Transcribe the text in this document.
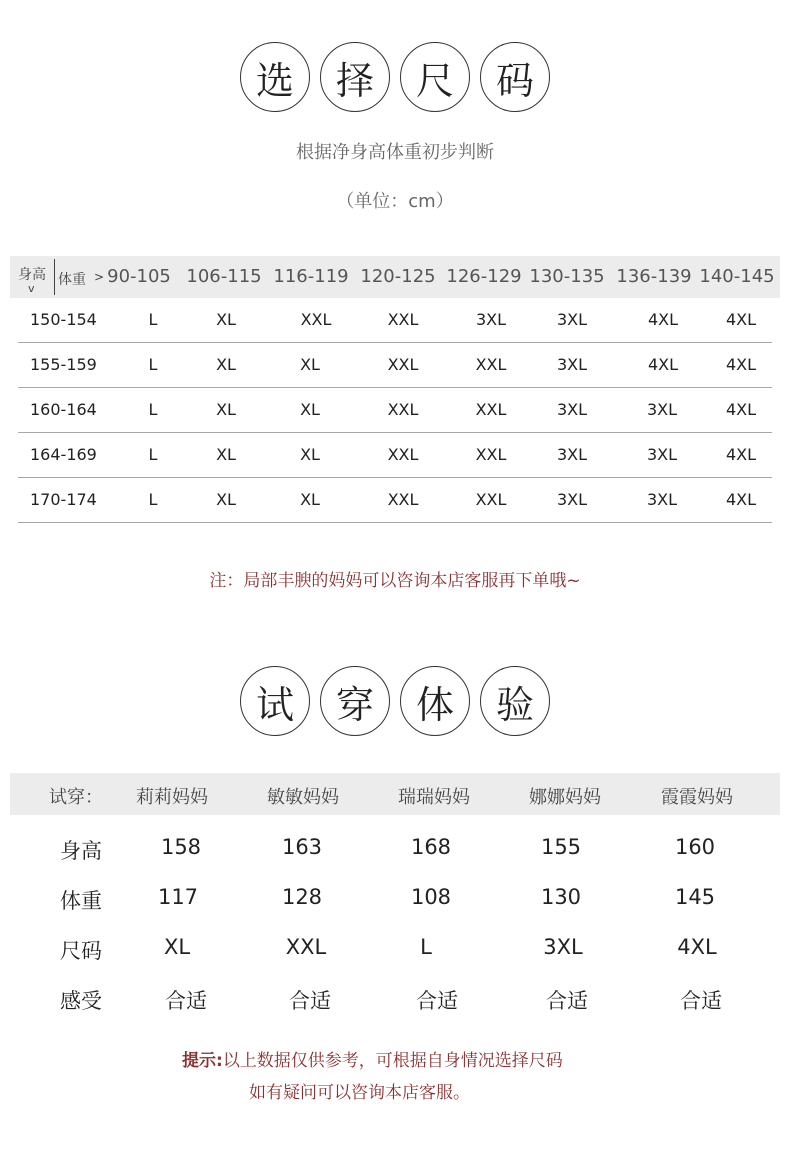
选	择	尺	码
根据净身高体重初步判断
（单位：cm）
身高
v
体重 > 90-105 106-115 116-119 120-125 126-129 130-135 136-139 140-145
150-154	L	XL	XXL	XXL	3XL	3XL	4XL	4XL
155-159	L	XL	XL	XXL	XXL	3XL	4XL	4XL
160-164	L	XL	XL	XXL	XXL	3XL	3XL	4XL
164-169	L	XL	XL	XXL	XXL	3XL	3XL	4XL
170-174	L	XL	XL	XXL	XXL	3XL	3XL	4XL
注：局部丰腴的妈妈可以咨询本店客服再下单哦~
试	穿	体	验
试穿： 莉莉妈妈	敏敏妈妈	瑞瑞妈妈	娜娜妈妈	霞霞妈妈
身高	158	163	168	155	160
体重	117	128	108	130	145
尺码	XL	XXL	L	3XL	4XL
感受	合适	合适	合适	合适	合适
提示:以上数据仅供参考，可根据自身情况选择尺码
如有疑问可以咨询本店客服。
